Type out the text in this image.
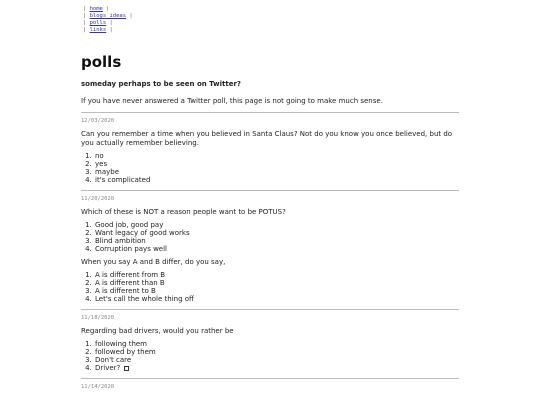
| home |
| blogs ideas |
| polls |
| links |
polls

someday perhaps to be seen on Twitter?

If you have never answered a Twitter poll, this page is not going to make much sense.

12/03/2020

Can you remember a time when you believed in Santa Claus? Not do you know you once believed, but do you actually remember believing.

1. no
2. yes
3. maybe
4. it's complicated
11/20/2020

Which of these is NOT a reason people want to be POTUS?

1. Good job, good pay
2. Want legacy of good works
3. Blind ambition
4. Corruption pays well

When you say A and B differ, do you say,

1. A is different from B
2. A is different than B
3. A is different to B
4. Let's call the whole thing off
11/18/2020

Regarding bad drivers, would you rather be

1. following them
2. followed by them
3. Don't care
4. Driver?
11/14/2020
